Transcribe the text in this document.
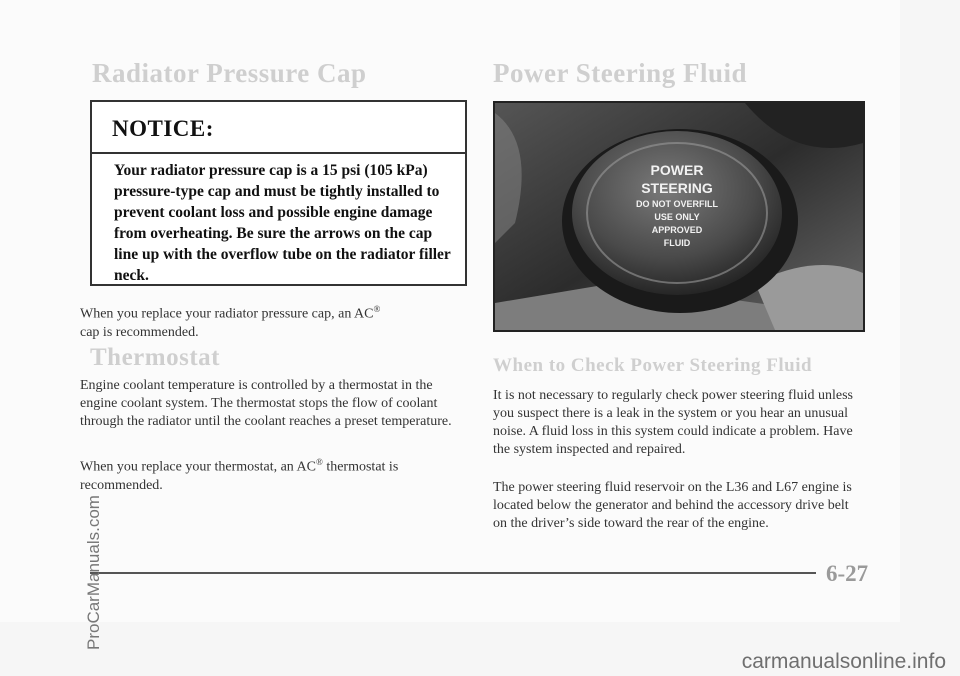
Radiator Pressure Cap
NOTICE:
Your radiator pressure cap is a 15 psi (105 kPa) pressure-type cap and must be tightly installed to prevent coolant loss and possible engine damage from overheating. Be sure the arrows on the cap line up with the overflow tube on the radiator filler neck.

When you replace your radiator pressure cap, an AC®
cap is recommended.

Thermostat

Engine coolant temperature is controlled by a thermostat in the engine coolant system. The thermostat stops the flow of coolant through the radiator until the coolant reaches a preset temperature.

When you replace your thermostat, an AC® thermostat is recommended.

Power Steering Fluid
POWER
STEERING
DO NOT OVERFILL
USE ONLY
APPROVED
FLUID
When to Check Power Steering Fluid

It is not necessary to regularly check power steering fluid unless you suspect there is a leak in the system or you hear an unusual noise. A fluid loss in this system could indicate a problem. Have the system inspected and repaired.

The power steering fluid reservoir on the L36 and L67 engine is located below the generator and behind the accessory drive belt on the driver’s side toward the rear of the engine.

6-27
carmanualsonline.info
